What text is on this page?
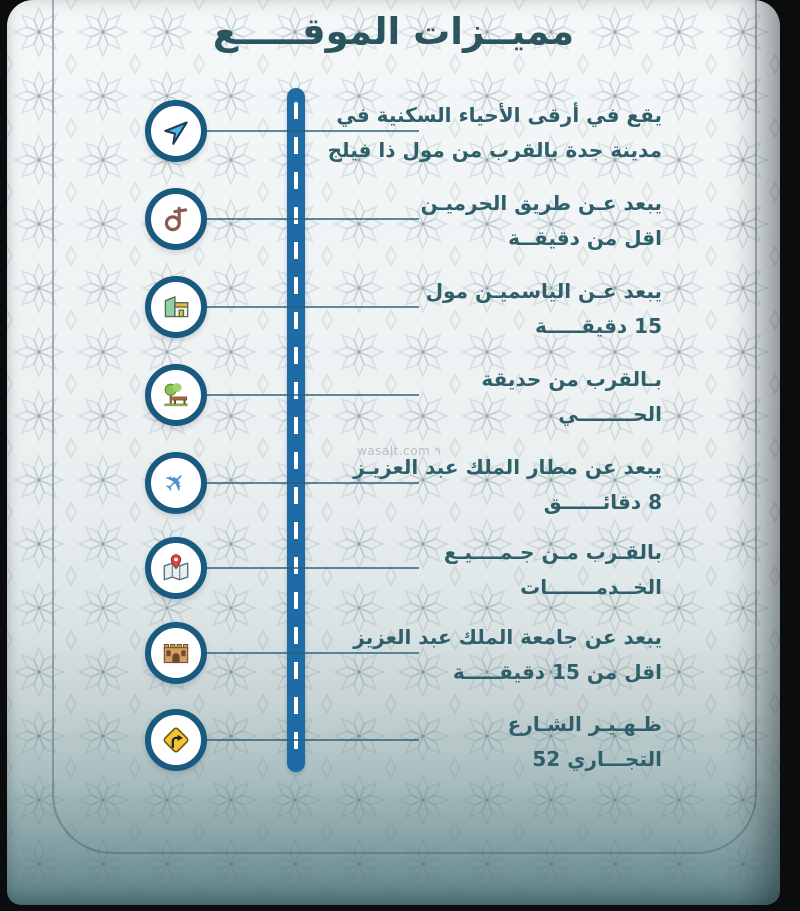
مميــزات الموقـــــع
يقع في أرقى الأحياء السكنية في
مدينة جدة بالقرب من مول ذا فيلج
يبعد عـن طريق الحرميـن
اقل من دقيقــة
يبعد عـن الياسميـن مول
15 دقيقـــــة
بـالقرب من حديقة
الحــــــــي
✈	يبعد عن مطار الملك عبد العزيـز
8 دقائــــــق
بالقـرب مـن جـمــــيـع
الخــدمـــــــات
يبعد عن جامعة الملك عبد العزيز
اقل من 15 دقيقـــــة
ظـهـيـر الشـارع
التجـــاري 52
wasalt.com ٩
